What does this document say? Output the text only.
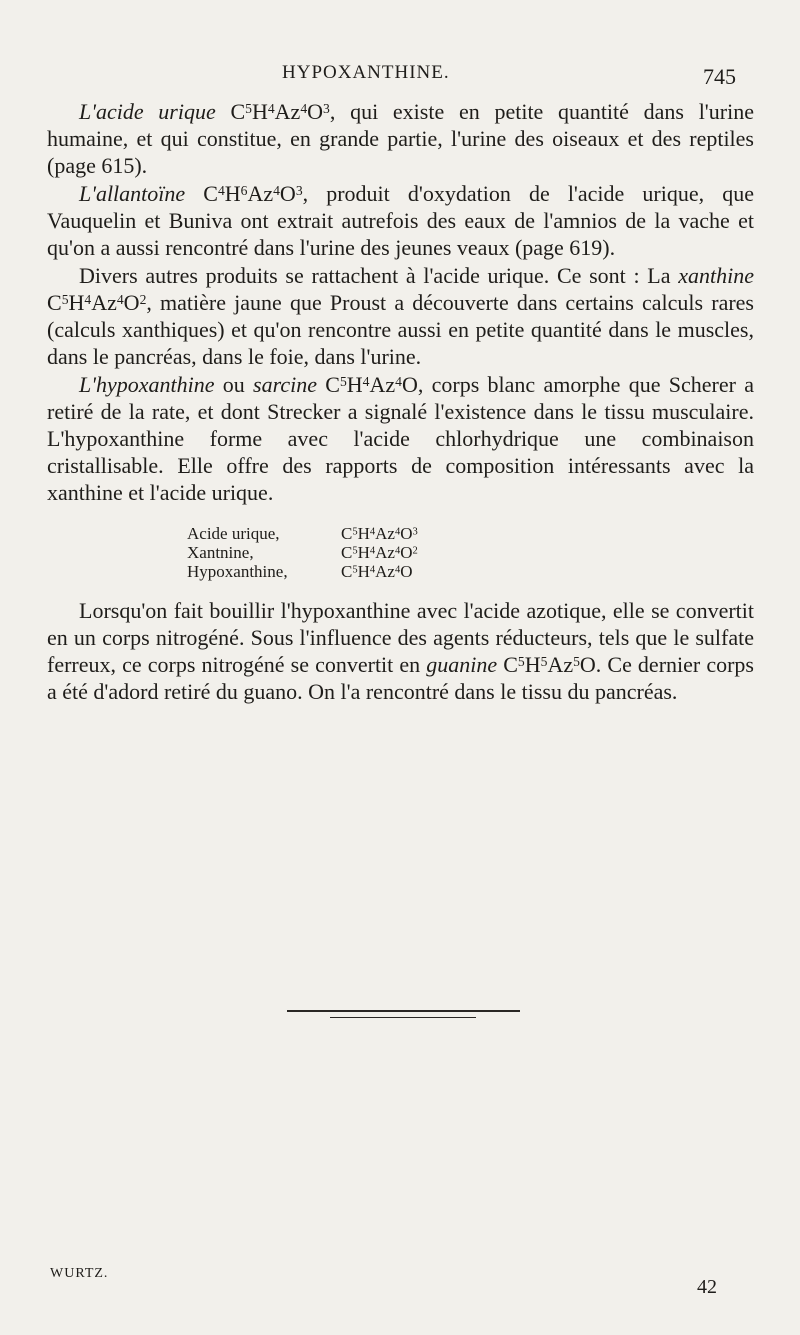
HYPOXANTHINE.	745

L'acide urique $C^5H^4Az^4O^3$, qui existe en petite quantité dans l'urine humaine, et qui constitue, en grande partie, l'urine des oiseaux et des reptiles (page 615).

L'allantoïne $C^4H^6Az^4O^3$, produit d'oxydation de l'acide urique, que Vauquelin et Buniva ont extrait autrefois des eaux de l'amnios de la vache et qu'on a aussi rencontré dans l'urine des jeunes veaux (page 619).

Divers autres produits se rattachent à l'acide urique. Ce sont : La xanthine $C^5H^4Az^4O^2$, matière jaune que Proust a découverte dans certains calculs rares (calculs xanthiques) et qu'on rencontre aussi en petite quantité dans le muscles, dans le pancréas, dans le foie, dans l'urine.

L'hypoxanthine ou sarcine $C^5H^4Az^4O$, corps blanc amorphe que Scherer a retiré de la rate, et dont Strecker a signalé l'existence dans le tissu musculaire. L'hypoxanthine forme avec l'acide chlorhydrique une combinaison cristallisable. Elle offre des rapports de composition intéressants avec la xanthine et l'acide urique.

Acide urique,	$C^5H^4Az^4O^3$
Xantnine,	$C^5H^4Az^4O^2$
Hypoxanthine,	$C^5H^4Az^4O$

Lorsqu'on fait bouillir l'hypoxanthine avec l'acide azotique, elle se convertit en un corps nitrogéné. Sous l'influence des agents réducteurs, tels que le sulfate ferreux, ce corps nitrogéné se convertit en guanine $C^5H^5Az^5O$. Ce dernier corps a été d'adord retiré du guano. On l'a rencontré dans le tissu du pancréas.

WURTZ.
42
